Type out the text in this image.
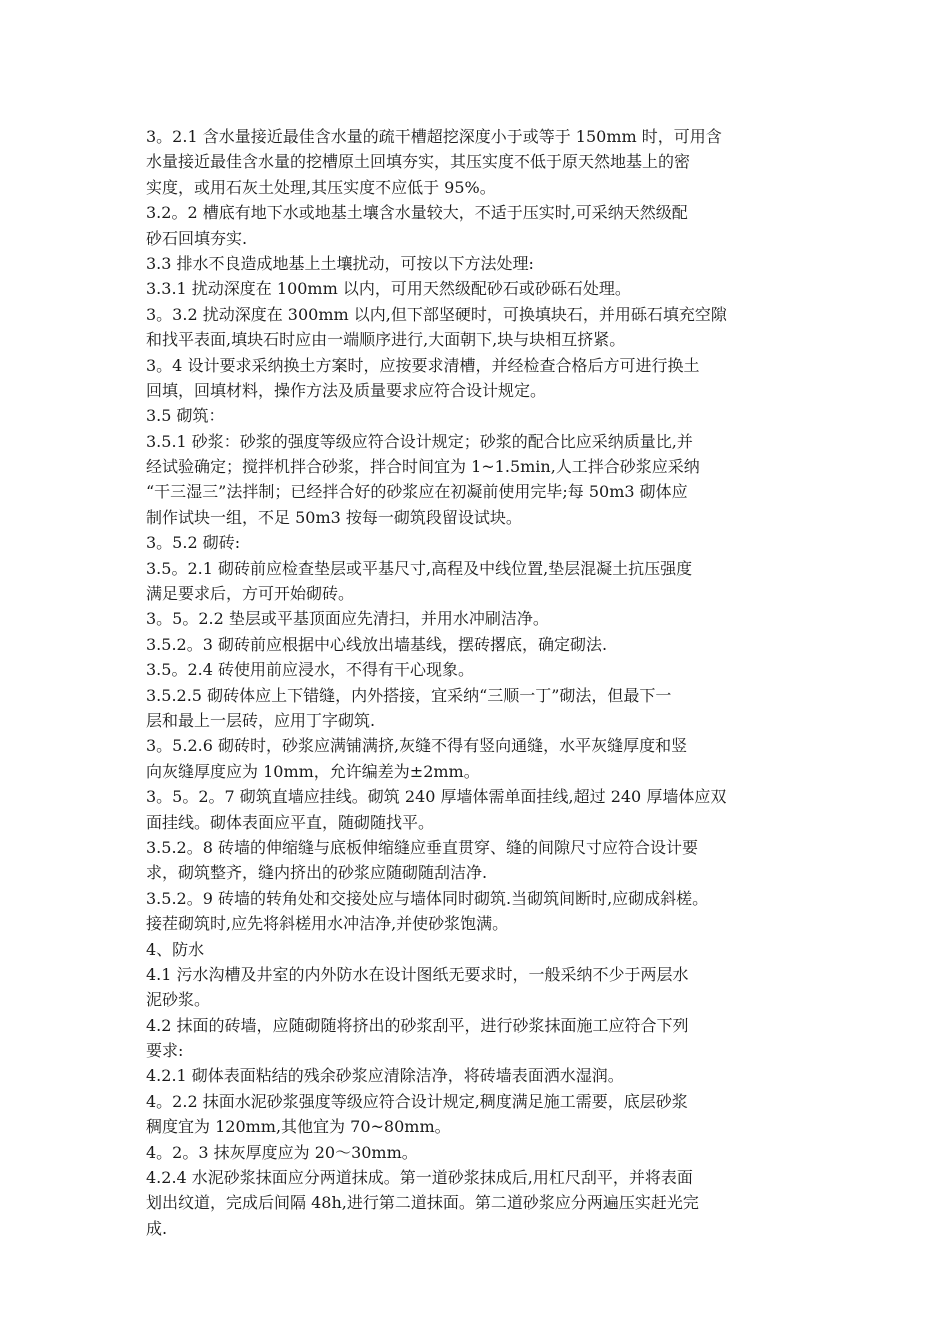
3。2.1 含水量接近最佳含水量的疏干槽超挖深度小于或等于 150mm 时，可用含
水量接近最佳含水量的挖槽原土回填夯实，其压实度不低于原天然地基上的密
实度，或用石灰土处理,其压实度不应低于 95%。
3.2。2 槽底有地下水或地基土壤含水量较大，不适于压实时,可采纳天然级配
砂石回填夯实.
3.3 排水不良造成地基上土壤扰动，可按以下方法处理:
3.3.1 扰动深度在 100mm 以内，可用天然级配砂石或砂砾石处理。
3。3.2 扰动深度在 300mm 以内,但下部坚硬时，可换填块石，并用砾石填充空隙
和找平表面,填块石时应由一端顺序进行,大面朝下,块与块相互挤紧。
3。4 设计要求采纳换土方案时，应按要求清槽，并经检查合格后方可进行换土
回填，回填材料，操作方法及质量要求应符合设计规定。
3.5 砌筑：
3.5.1 砂浆：砂浆的强度等级应符合设计规定；砂浆的配合比应采纳质量比,并
经试验确定；搅拌机拌合砂浆，拌合时间宜为 1~1.5min,人工拌合砂浆应采纳
“干三湿三”法拌制；已经拌合好的砂浆应在初凝前使用完毕;每 50m3 砌体应
制作试块一组，不足 50m3 按每一砌筑段留设试块。
3。5.2 砌砖:
3.5。2.1 砌砖前应检查垫层或平基尺寸,高程及中线位置,垫层混凝土抗压强度
满足要求后，方可开始砌砖。
3。5。2.2 垫层或平基顶面应先清扫，并用水冲刷洁净。
3.5.2。3 砌砖前应根据中心线放出墙基线，摆砖撂底，确定砌法.
3.5。2.4 砖使用前应浸水，不得有干心现象。
3.5.2.5 砌砖体应上下错缝，内外搭接，宜采纳“三顺一丁”砌法，但最下一
层和最上一层砖，应用丁字砌筑.
3。5.2.6 砌砖时，砂浆应满铺满挤,灰缝不得有竖向通缝，水平灰缝厚度和竖
向灰缝厚度应为 10mm，允许编差为±2mm。
3。5。2。7 砌筑直墙应挂线。砌筑 240 厚墙体需单面挂线,超过 240 厚墙体应双
面挂线。砌体表面应平直，随砌随找平。
3.5.2。8 砖墙的伸缩缝与底板伸缩缝应垂直贯穿、缝的间隙尺寸应符合设计要
求，砌筑整齐，缝内挤出的砂浆应随砌随刮洁净.
3.5.2。9 砖墙的转角处和交接处应与墙体同时砌筑.当砌筑间断时,应砌成斜槎。
接茬砌筑时,应先将斜槎用水冲洁净,并使砂浆饱满。
4、防水
4.1 污水沟槽及井室的内外防水在设计图纸无要求时，一般采纳不少于两层水
泥砂浆。
4.2 抹面的砖墙，应随砌随将挤出的砂浆刮平，进行砂浆抹面施工应符合下列
要求:
4.2.1 砌体表面粘结的残余砂浆应清除洁净，将砖墙表面洒水湿润。
4。2.2 抹面水泥砂浆强度等级应符合设计规定,稠度满足施工需要，底层砂浆
稠度宜为 120mm,其他宜为 70~80mm。
4。2。3 抹灰厚度应为 20～30mm。
4.2.4 水泥砂浆抹面应分两道抹成。第一道砂浆抹成后,用杠尺刮平，并将表面
划出纹道，完成后间隔 48h,进行第二道抹面。第二道砂浆应分两遍压实赶光完
成.
